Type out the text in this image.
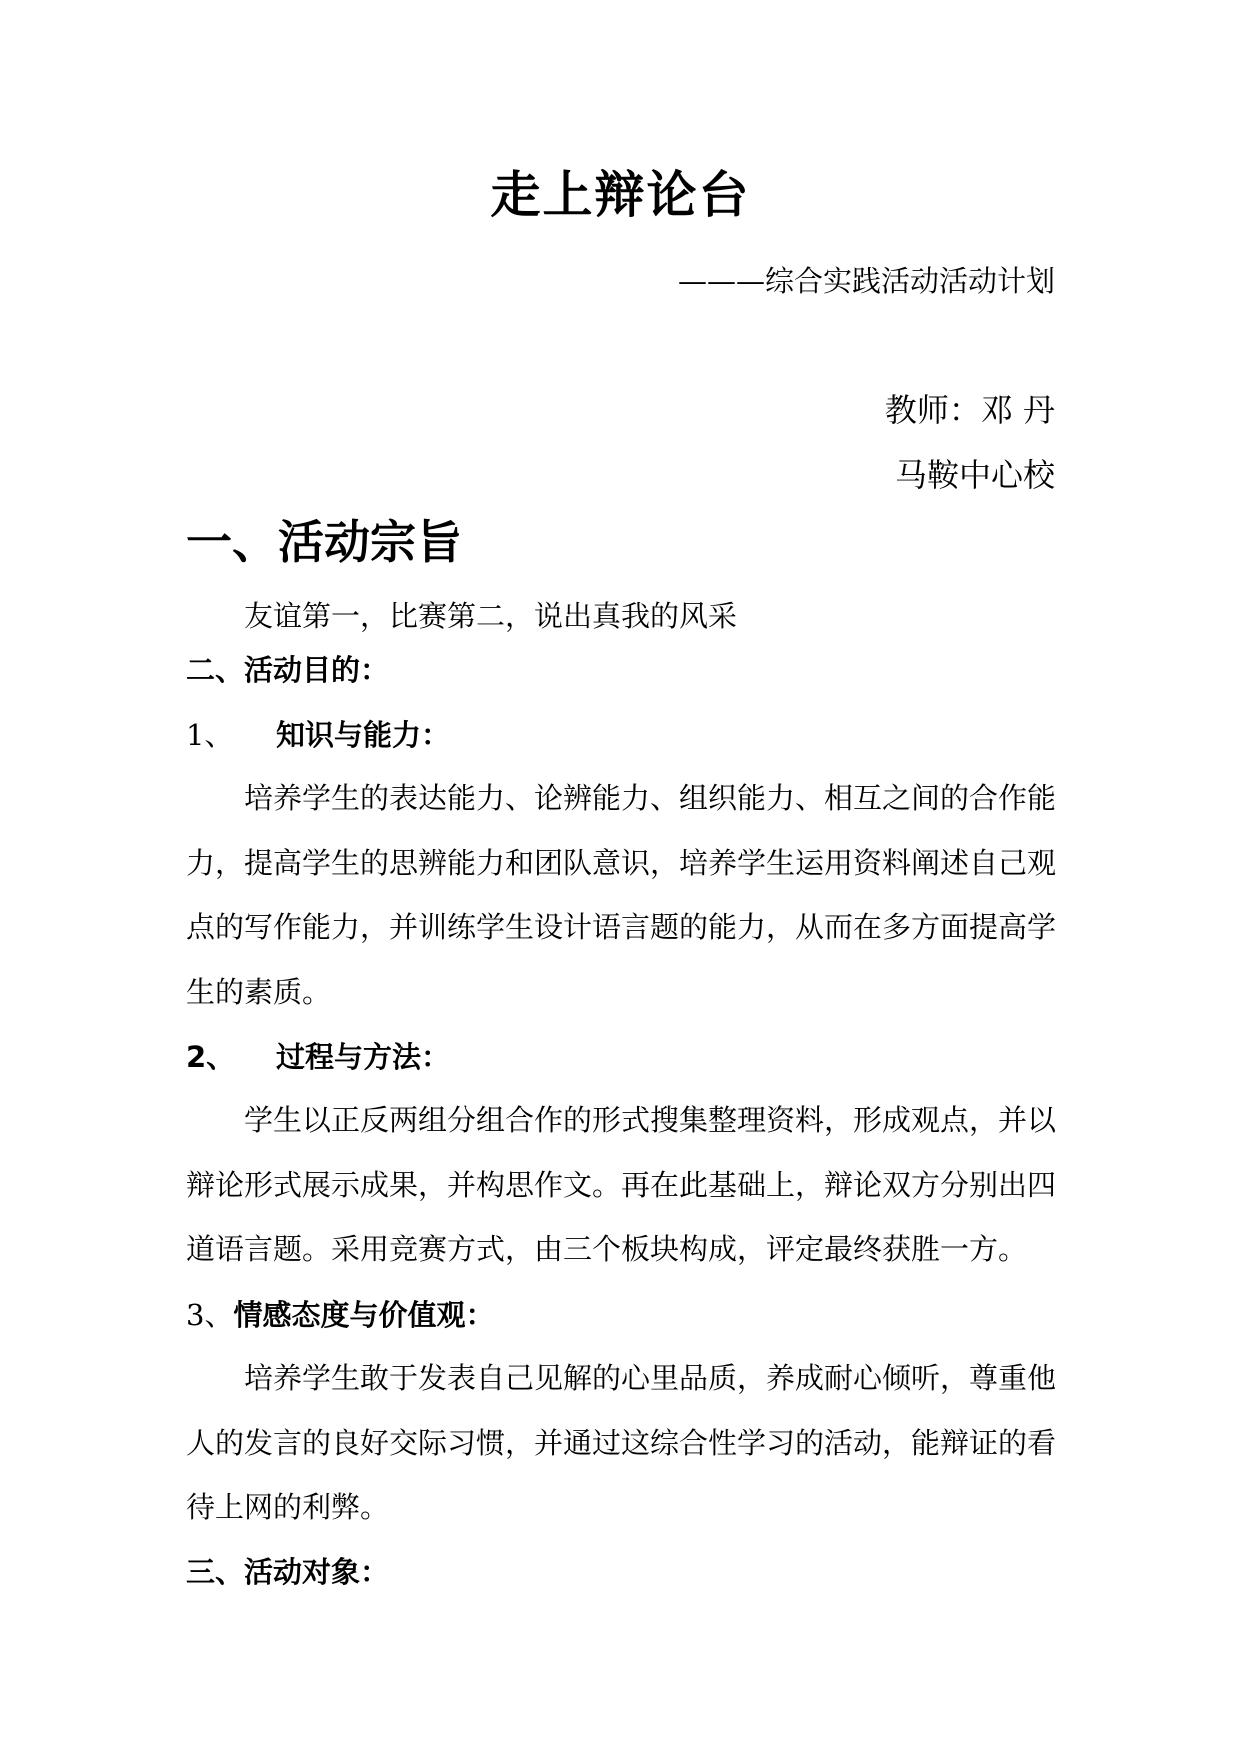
走上辩论台
———综合实践活动活动计划
教师：邓 丹
马鞍中心校
一、活动宗旨

友谊第一，比赛第二，说出真我的风采

二、活动目的：
1、 知识与能力：

培养学生的表达能力、论辨能力、组织能力、相互之间的合作能力，提高学生的思辨能力和团队意识，培养学生运用资料阐述自己观点的写作能力，并训练学生设计语言题的能力，从而在多方面提高学生的素质。

2、 过程与方法：

学生以正反两组分组合作的形式搜集整理资料，形成观点，并以辩论形式展示成果，并构思作文。再在此基础上，辩论双方分别出四道语言题。采用竞赛方式，由三个板块构成，评定最终获胜一方。

3、情感态度与价值观：

培养学生敢于发表自己见解的心里品质，养成耐心倾听，尊重他人的发言的良好交际习惯，并通过这综合性学习的活动，能辩证的看待上网的利弊。

三、活动对象：
